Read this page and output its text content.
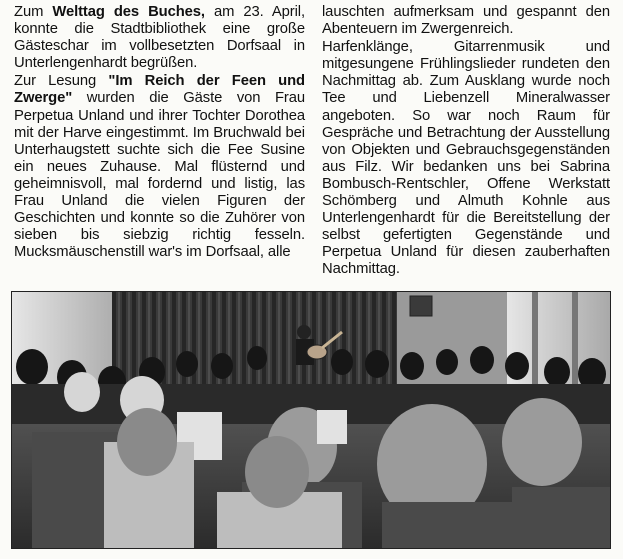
Zum Welttag des Buches, am 23. April, konnte die Stadtbibliothek eine große Gästeschar im vollbesetzten Dorfsaal in Unterlengenhardt begrüßen.

Zur Lesung "Im Reich der Feen und Zwerge" wurden die Gäste von Frau Perpetua Unland und ihrer Tochter Dorothea mit der Harve eingestimmt. Im Bruchwald bei Unterhaugstett suchte sich die Fee Susine ein neues Zuhause. Mal flüsternd und geheimnisvoll, mal fordernd und listig, las Frau Unland die vielen Figuren der Geschichten und konnte so die Zuhörer von sieben bis siebzig richtig fesseln. Mucksmäuschenstill war's im Dorfsaal, alle

lauschten aufmerksam und gespannt den Abenteuern im Zwergenreich.

Harfenklänge, Gitarrenmusik und mitgesungene Frühlingslieder rundeten den Nachmittag ab. Zum Ausklang wurde noch Tee und Liebenzell Mineralwasser angeboten. So war noch Raum für Gespräche und Betrachtung der Ausstellung von Objekten und Gebrauchsgegenständen aus Filz. Wir bedanken uns bei Sabrina Bombusch-Rentschler, Offene Werkstatt Schömberg und Almuth Kohnle aus Unterlengenhardt für die Bereitstellung der selbst gefertigten Gegenstände und Perpetua Unland für diesen zauberhaften Nachmittag.
